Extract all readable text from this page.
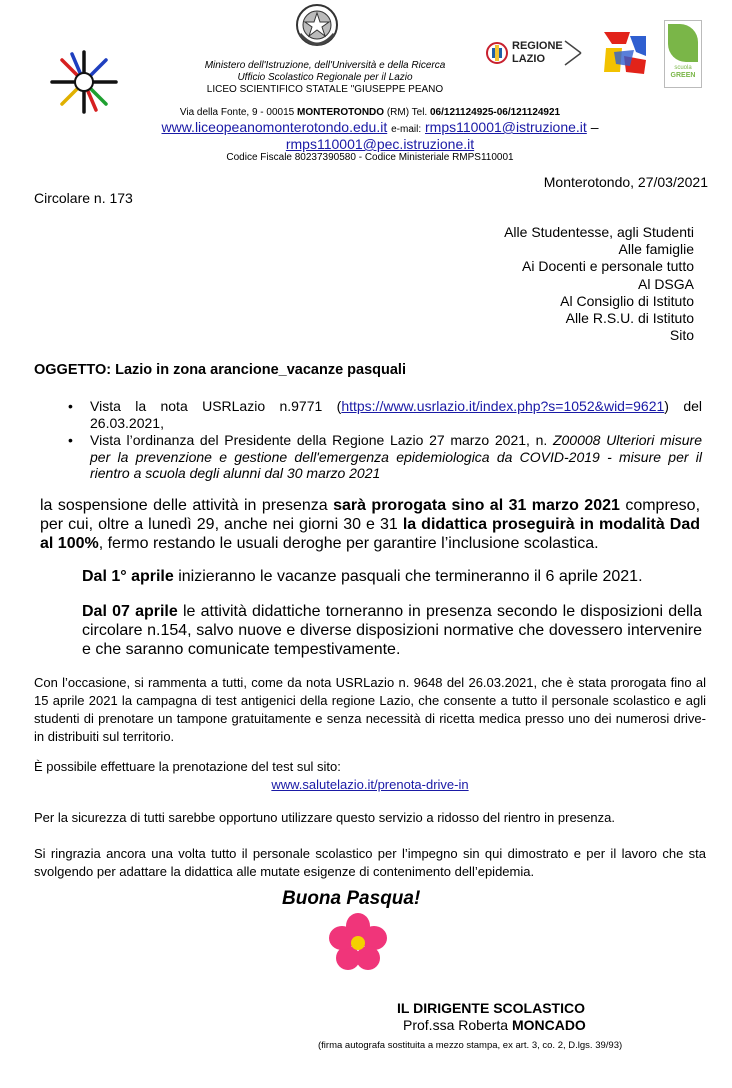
REGIONE
LAZIO
scuola
GREEN
Ministero dell'Istruzione, dell'Università e della Ricerca
Ufficio Scolastico Regionale per il Lazio
LICEO SCIENTIFICO STATALE "GIUSEPPE PEANO
Via della Fonte, 9 - 00015 MONTEROTONDO (RM) Tel. 06/121124925-06/121124921
www.liceopeanomonterotondo.edu.it e-mail: rmps110001@istruzione.it –
rmps110001@pec.istruzione.it
Codice Fiscale 80237390580 - Codice Ministeriale RMPS110001
Monterotondo, 27/03/2021
Circolare n. 173
Alle Studentesse, agli Studenti
Alle famiglie
Ai Docenti e personale tutto
Al DSGA
Al Consiglio di Istituto
Alle R.S.U. di Istituto
Sito
OGGETTO: Lazio in zona arancione_vacanze pasquali
• Vista la nota USRLazio n.9771 (https://www.usrlazio.it/index.php?s=1052&wid=9621) del 26.03.2021,
• Vista l’ordinanza del Presidente della Regione Lazio 27 marzo 2021, n. Z00008 Ulteriori misure per la prevenzione e gestione dell'emergenza epidemiologica da COVID-2019 - misure per il rientro a scuola degli alunni dal 30 marzo 2021

la sospensione delle attività in presenza sarà prorogata sino al 31 marzo 2021 compreso, per cui, oltre a lunedì 29, anche nei giorni 30 e 31 la didattica proseguirà in modalità Dad al 100%, fermo restando le usuali deroghe per garantire l’inclusione scolastica.

Dal 1° aprile inizieranno le vacanze pasquali che termineranno il 6 aprile 2021.

Dal 07 aprile le attività didattiche torneranno in presenza secondo le disposizioni della circolare n.154, salvo nuove e diverse disposizioni normative che dovessero intervenire e che saranno comunicate tempestivamente.

Con l’occasione, si rammenta a tutti, come da nota USRLazio n. 9648 del 26.03.2021, che è stata prorogata fino al 15 aprile 2021 la campagna di test antigenici della regione Lazio, che consente a tutto il personale scolastico e agli studenti di prenotare un tampone gratuitamente e senza necessità di ricetta medica presso uno dei numerosi drive-in distribuiti sul territorio.

È possibile effettuare la prenotazione del test sul sito:

www.salutelazio.it/prenota-drive-in

Per la sicurezza di tutti sarebbe opportuno utilizzare questo servizio a ridosso del rientro in presenza.

Si ringrazia ancora una volta tutto il personale scolastico per l’impegno sin qui dimostrato e per il lavoro che sta svolgendo per adattare la didattica alle mutate esigenze di contenimento dell’epidemia.

Buona Pasqua!
IL DIRIGENTE SCOLASTICO
Prof.ssa Roberta MONCADO
(firma autografa sostituita a mezzo stampa, ex art. 3, co. 2, D.lgs. 39/93)
